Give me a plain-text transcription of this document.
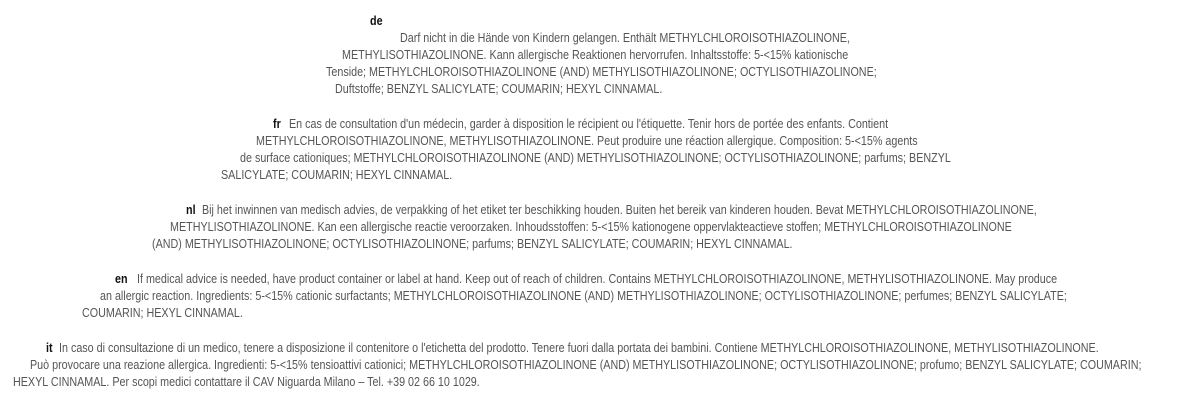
de
Darf nicht in die Hände von Kindern gelangen. Enthält METHYLCHLOROISOTHIAZOLINONE,
METHYLISOTHIAZOLINONE. Kann allergische Reaktionen hervorrufen. Inhaltsstoffe: 5-<15% kationische
Tenside; METHYLCHLOROISOTHIAZOLINONE (AND) METHYLISOTHIAZOLINONE; OCTYLISOTHIAZOLINONE;
Duftstoffe; BENZYL SALICYLATE; COUMARIN; HEXYL CINNAMAL.
fr En cas de consultation d'un médecin, garder à disposition le récipient ou l'étiquette. Tenir hors de portée des enfants. Contient
METHYLCHLOROISOTHIAZOLINONE, METHYLISOTHIAZOLINONE. Peut produire une réaction allergique. Composition: 5-<15% agents
de surface cationiques; METHYLCHLOROISOTHIAZOLINONE (AND) METHYLISOTHIAZOLINONE; OCTYLISOTHIAZOLINONE; parfums; BENZYL
SALICYLATE; COUMARIN; HEXYL CINNAMAL.
nl Bij het inwinnen van medisch advies, de verpakking of het etiket ter beschikking houden. Buiten het bereik van kinderen houden. Bevat METHYLCHLOROISOTHIAZOLINONE,
METHYLISOTHIAZOLINONE. Kan een allergische reactie veroorzaken. Inhoudsstoffen: 5-<15% kationogene oppervlakteactieve stoffen; METHYLCHLOROISOTHIAZOLINONE
(AND) METHYLISOTHIAZOLINONE; OCTYLISOTHIAZOLINONE; parfums; BENZYL SALICYLATE; COUMARIN; HEXYL CINNAMAL.
en If medical advice is needed, have product container or label at hand. Keep out of reach of children. Contains METHYLCHLOROISOTHIAZOLINONE, METHYLISOTHIAZOLINONE. May produce
an allergic reaction. Ingredients: 5-<15% cationic surfactants; METHYLCHLOROISOTHIAZOLINONE (AND) METHYLISOTHIAZOLINONE; OCTYLISOTHIAZOLINONE; perfumes; BENZYL SALICYLATE;
COUMARIN; HEXYL CINNAMAL.
it In caso di consultazione di un medico, tenere a disposizione il contenitore o l'etichetta del prodotto. Tenere fuori dalla portata dei bambini. Contiene METHYLCHLOROISOTHIAZOLINONE, METHYLISOTHIAZOLINONE.
Può provocare una reazione allergica. Ingredienti: 5-<15% tensioattivi cationici; METHYLCHLOROISOTHIAZOLINONE (AND) METHYLISOTHIAZOLINONE; OCTYLISOTHIAZOLINONE; profumo; BENZYL SALICYLATE; COUMARIN;
HEXYL CINNAMAL. Per scopi medici contattare il CAV Niguarda Milano – Tel. +39 02 66 10 1029.
